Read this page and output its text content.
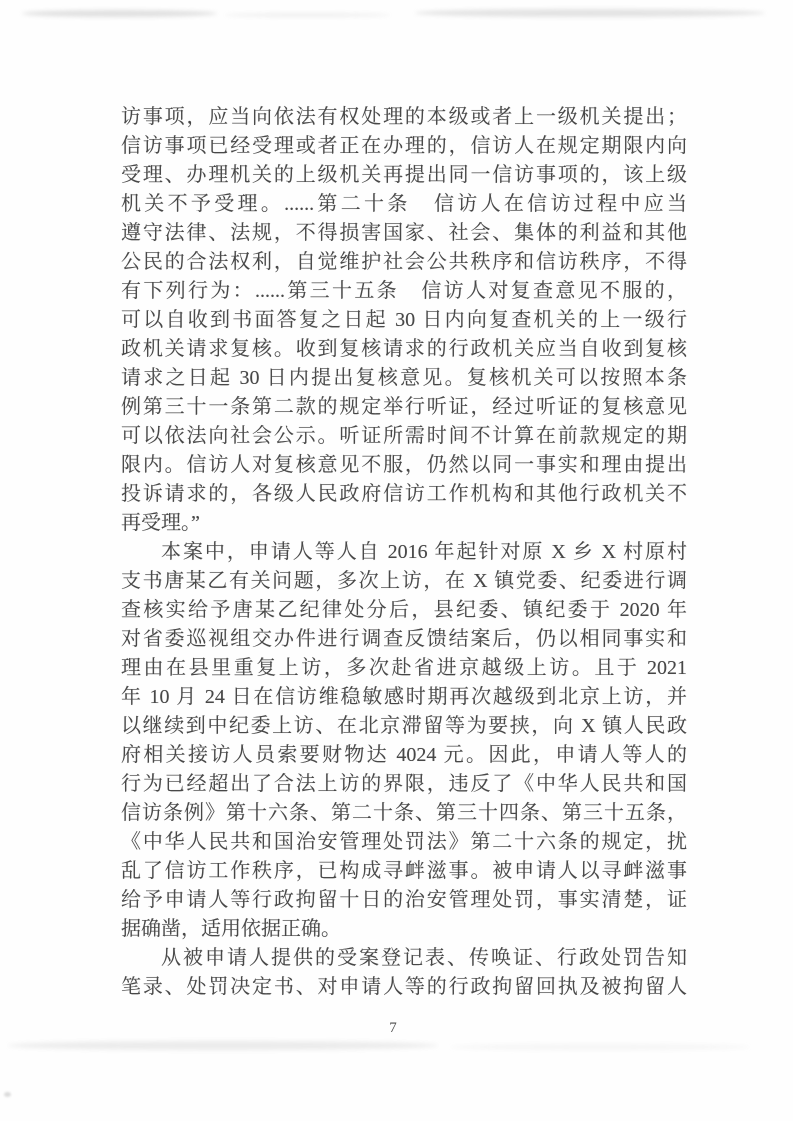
访事项，应当向依法有权处理的本级或者上一级机关提出；
信访事项已经受理或者正在办理的，信访人在规定期限内向
受理、办理机关的上级机关再提出同一信访事项的，该上级
机关不予受理。......第二十条　信访人在信访过程中应当
遵守法律、法规，不得损害国家、社会、集体的利益和其他
公民的合法权利，自觉维护社会公共秩序和信访秩序，不得
有下列行为：......第三十五条　信访人对复查意见不服的，
可以自收到书面答复之日起 30 日内向复查机关的上一级行
政机关请求复核。收到复核请求的行政机关应当自收到复核
请求之日起 30 日内提出复核意见。复核机关可以按照本条
例第三十一条第二款的规定举行听证，经过听证的复核意见
可以依法向社会公示。听证所需时间不计算在前款规定的期
限内。信访人对复核意见不服，仍然以同一事实和理由提出
投诉请求的，各级人民政府信访工作机构和其他行政机关不
再受理。”
本案中，申请人等人自 2016 年起针对原 X 乡 X 村原村
支书唐某乙有关问题，多次上访，在 X 镇党委、纪委进行调
查核实给予唐某乙纪律处分后，县纪委、镇纪委于 2020 年
对省委巡视组交办件进行调查反馈结案后，仍以相同事实和
理由在县里重复上访，多次赴省进京越级上访。且于 2021
年 10 月 24 日在信访维稳敏感时期再次越级到北京上访，并
以继续到中纪委上访、在北京滞留等为要挟，向 X 镇人民政
府相关接访人员索要财物达 4024 元。因此，申请人等人的
行为已经超出了合法上访的界限，违反了《中华人民共和国
信访条例》第十六条、第二十条、第三十四条、第三十五条，
《中华人民共和国治安管理处罚法》第二十六条的规定，扰
乱了信访工作秩序，已构成寻衅滋事。被申请人以寻衅滋事
给予申请人等行政拘留十日的治安管理处罚，事实清楚，证
据确凿，适用依据正确。
从被申请人提供的受案登记表、传唤证、行政处罚告知
笔录、处罚决定书、对申请人等的行政拘留回执及被拘留人
7
